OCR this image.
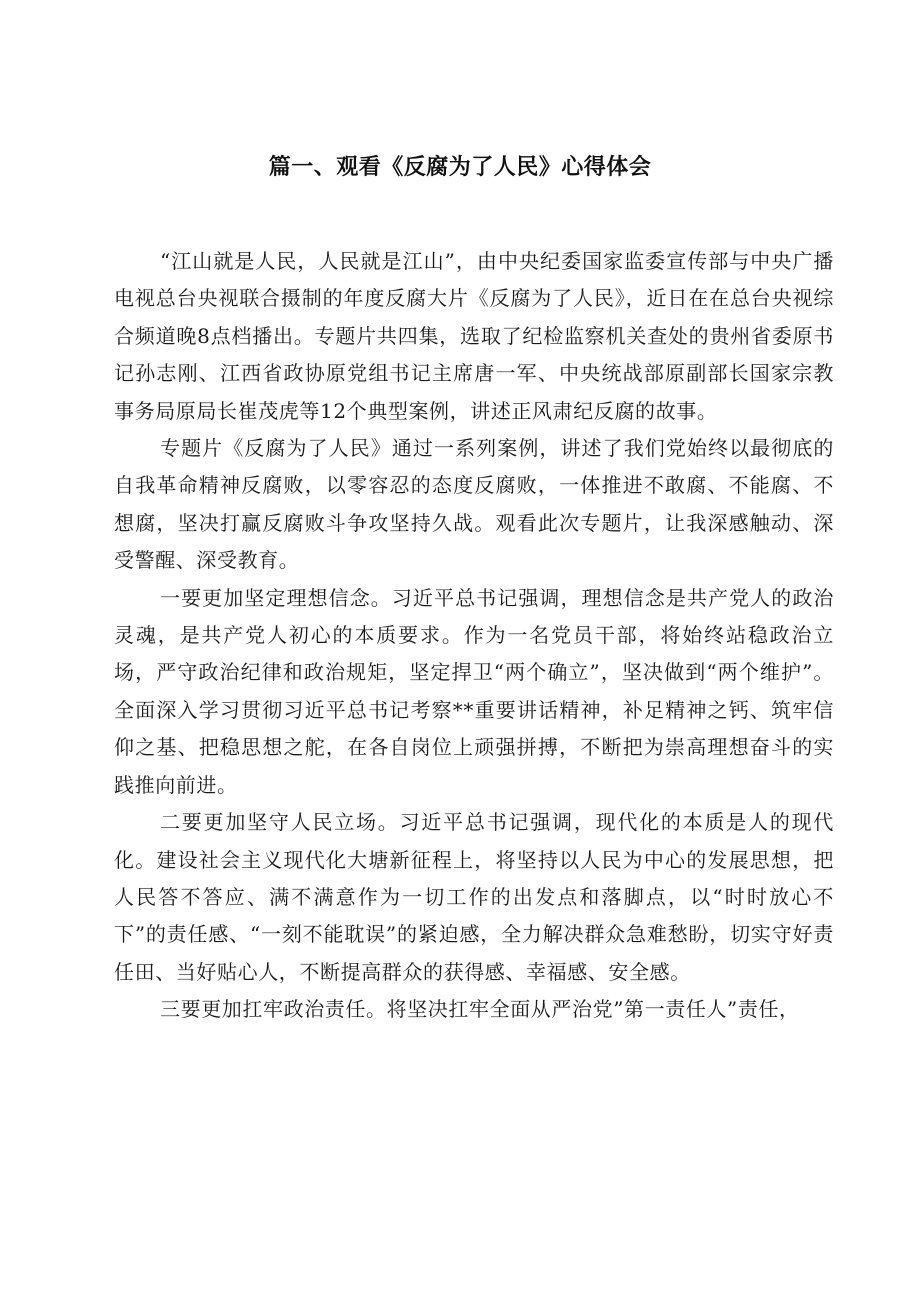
篇一、观看《反腐为了人民》心得体会

“江山就是人民，人民就是江山”，由中央纪委国家监委宣传部与中央广播电视总台央视联合摄制的年度反腐大片《反腐为了人民》，近日在在总台央视综合频道晚8点档播出。专题片共四集，选取了纪检监察机关查处的贵州省委原书记孙志刚、江西省政协原党组书记主席唐一军、中央统战部原副部长国家宗教事务局原局长崔茂虎等12个典型案例，讲述正风肃纪反腐的故事。

专题片《反腐为了人民》通过一系列案例，讲述了我们党始终以最彻底的自我革命精神反腐败，以零容忍的态度反腐败，一体推进不敢腐、不能腐、不想腐，坚决打赢反腐败斗争攻坚持久战。观看此次专题片，让我深感触动、深受警醒、深受教育。

一要更加坚定理想信念。习近平总书记强调，理想信念是共产党人的政治灵魂，是共产党人初心的本质要求。作为一名党员干部，将始终站稳政治立场，严守政治纪律和政治规矩，坚定捍卫“两个确立”，坚决做到“两个维护”。全面深入学习贯彻习近平总书记考察**重要讲话精神，补足精神之钙、筑牢信仰之基、把稳思想之舵，在各自岗位上顽强拼搏，不断把为崇高理想奋斗的实践推向前进。

二要更加坚守人民立场。习近平总书记强调，现代化的本质是人的现代化。建设社会主义现代化大塘新征程上，将坚持以人民为中心的发展思想，把人民答不答应、满不满意作为一切工作的出发点和落脚点，以“时时放心不下”的责任感、“一刻不能耽误”的紧迫感，全力解决群众急难愁盼，切实守好责任田、当好贴心人，不断提高群众的获得感、幸福感、安全感。

三要更加扛牢政治责任。将坚决扛牢全面从严治党”第一责任人”责任，
